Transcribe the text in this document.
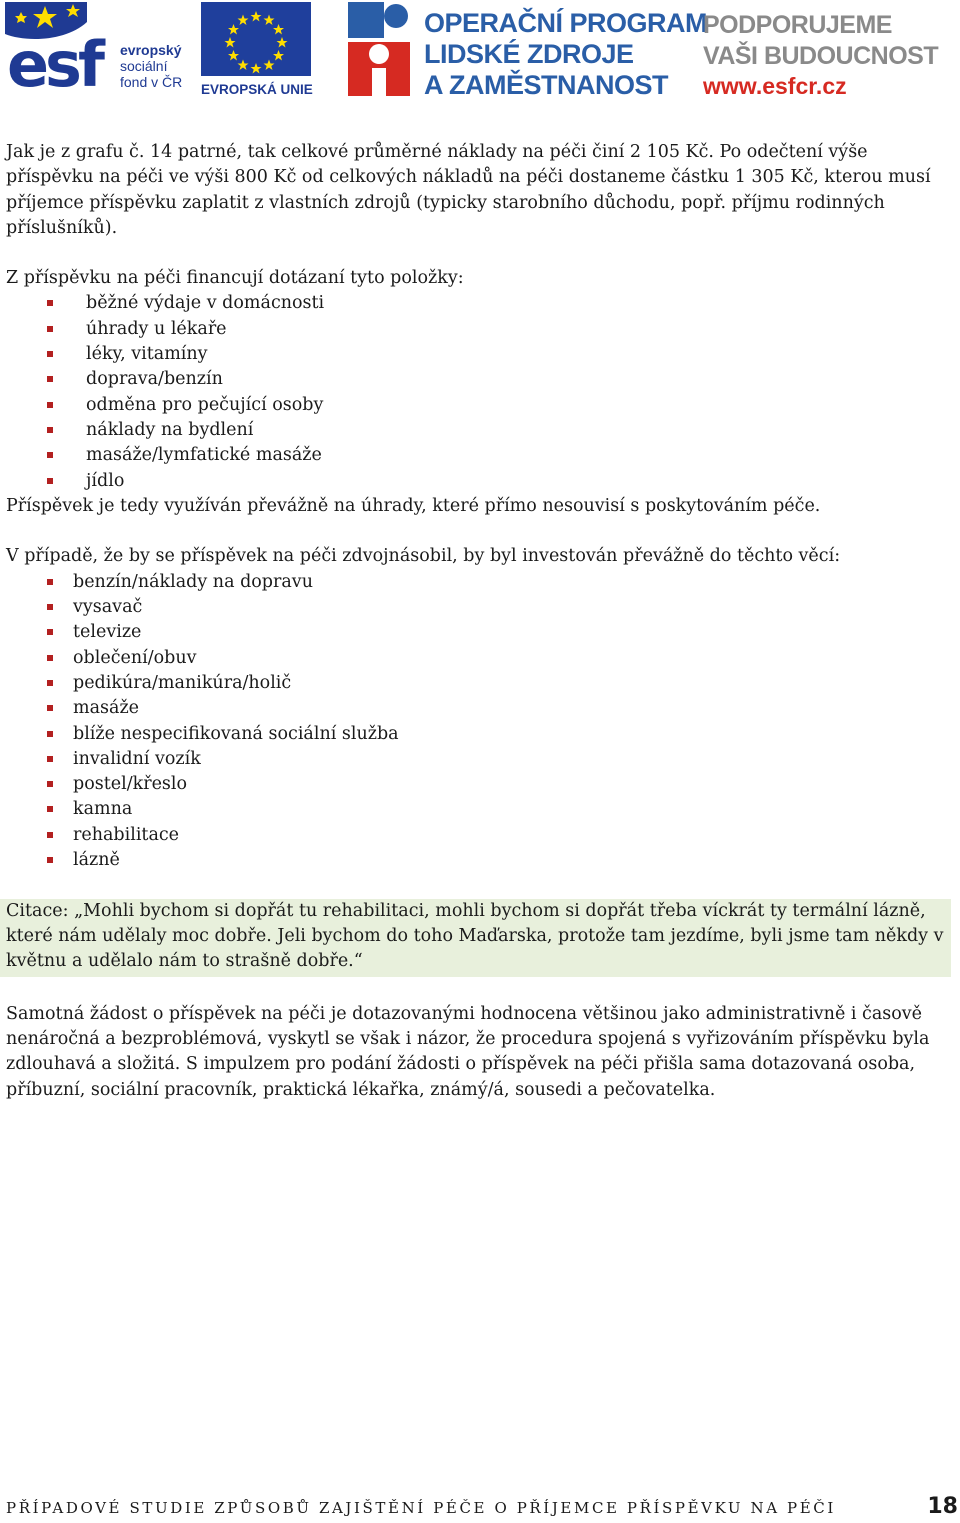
esf evropský
sociální
fond v ČR EVROPSKÁ UNIE
OPERAČNÍ PROGRAM
LIDSKÉ ZDROJE
A ZAMĚSTNANOST
PODPORUJEME
VAŠI BUDOUCNOST
www.esfcr.cz

Jak je z grafu č. 14 patrné, tak celkové průměrné náklady na péči činí 2 105 Kč. Po odečtení výše příspěvku na péči ve výši 800 Kč od celkových nákladů na péči dostaneme částku 1 305 Kč, kterou musí příjemce příspěvku zaplatit z vlastních zdrojů (typicky starobního důchodu, popř. příjmu rodinných příslušníků).

Z příspěvku na péči financují dotázaní tyto položky:

běžné výdaje v domácnosti
úhrady u lékaře
léky, vitamíny
doprava/benzín
odměna pro pečující osoby
náklady na bydlení
masáže/lymfatické masáže
jídlo

Příspěvek je tedy využíván převážně na úhrady, které přímo nesouvisí s poskytováním péče.

V případě, že by se příspěvek na péči zdvojnásobil, by byl investován převážně do těchto věcí:

benzín/náklady na dopravu
vysavač
televize
oblečení/obuv
pedikúra/manikúra/holič
masáže
blíže nespecifikovaná sociální služba
invalidní vozík
postel/křeslo
kamna
rehabilitace
lázně

Citace: „Mohli bychom si dopřát tu rehabilitaci, mohli bychom si dopřát třeba víckrát ty termální lázně, které nám udělaly moc dobře. Jeli bychom do toho Maďarska, protože tam jezdíme, byli jsme tam někdy v květnu a udělalo nám to strašně dobře.“

Samotná žádost o příspěvek na péči je dotazovanými hodnocena většinou jako administrativně i časově nenáročná a bezproblémová, vyskytl se však i názor, že procedura spojená s vyřizováním příspěvku byla zdlouhavá a složitá. S impulzem pro podání žádosti o příspěvek na péči přišla sama dotazovaná osoba, příbuzní, sociální pracovník, praktická lékařka, známý/á, sousedi a pečovatelka.

PŘÍPADOVÉ STUDIE ZPŮSOBŮ ZAJIŠTĚNÍ PÉČE O PŘÍJEMCE PŘÍSPĚVKU NA PÉČI	18
